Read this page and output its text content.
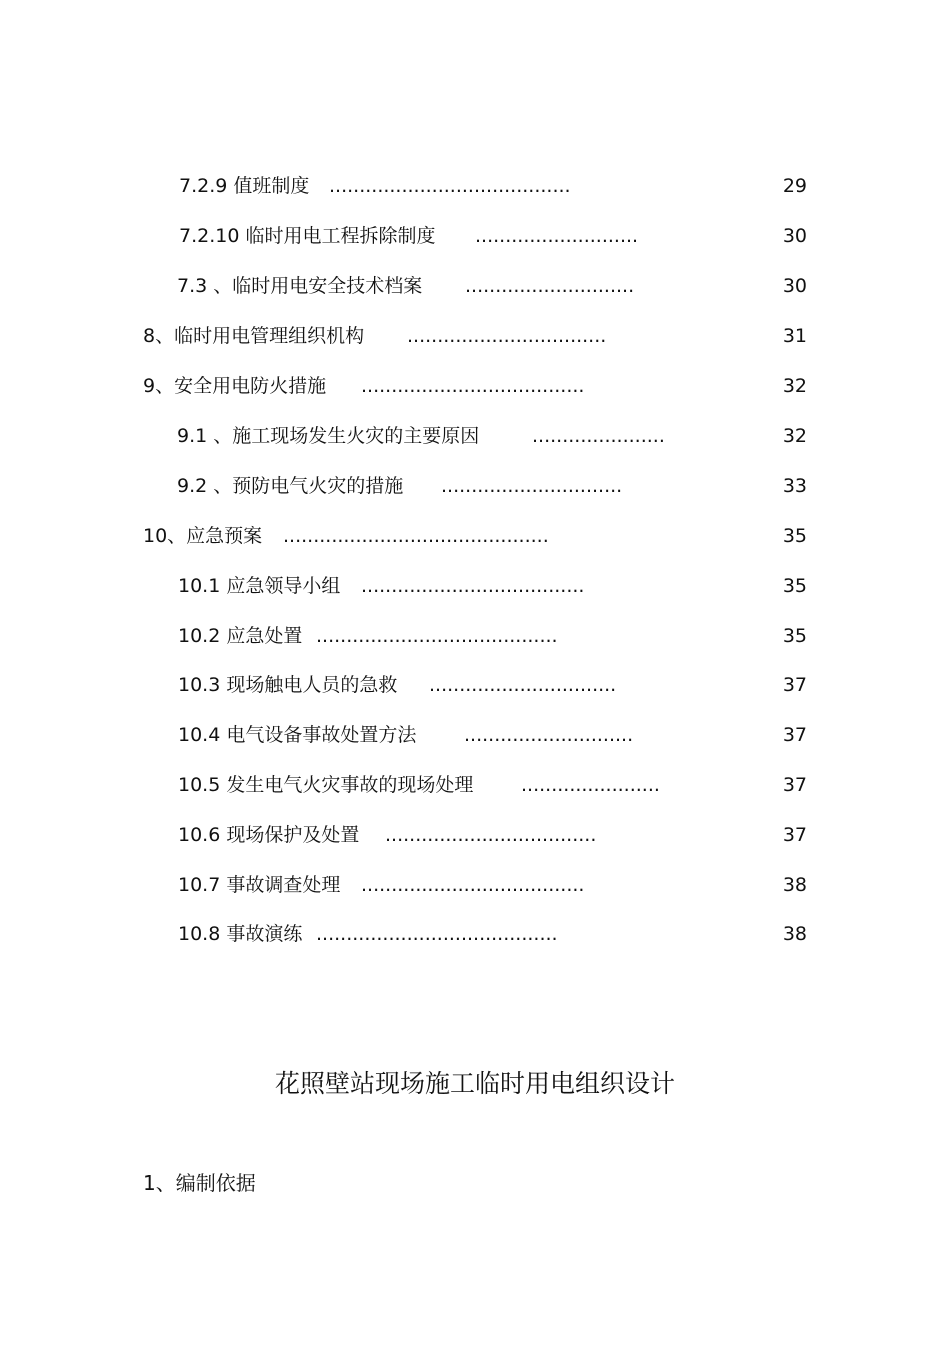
7.2.9 值班制度 ........................................	29
7.2.10 临时用电工程拆除制度 ...........................	30
7.3 、临时用电安全技术档案 ............................	30
8、临时用电管理组织机构 .................................	31
9、安全用电防火措施 .....................................	32
9.1 、施工现场发生火灾的主要原因	......................	32
9.2 、预防电气火灾的措施 ..............................	33
10、应急预案 ............................................	35
10.1 应急领导小组 .....................................	35
10.2 应急处置 ........................................	35
10.3 现场触电人员的急救 ...............................	37
10.4 电气设备事故处置方法	............................	37
10.5 发生电气火灾事故的现场处理	.......................	37
10.6 现场保护及处置 ...................................	37
10.7 事故调查处理 .....................................	38
10.8 事故演练 ........................................	38
花照壁站现场施工临时用电组织设计
1、编制依据
